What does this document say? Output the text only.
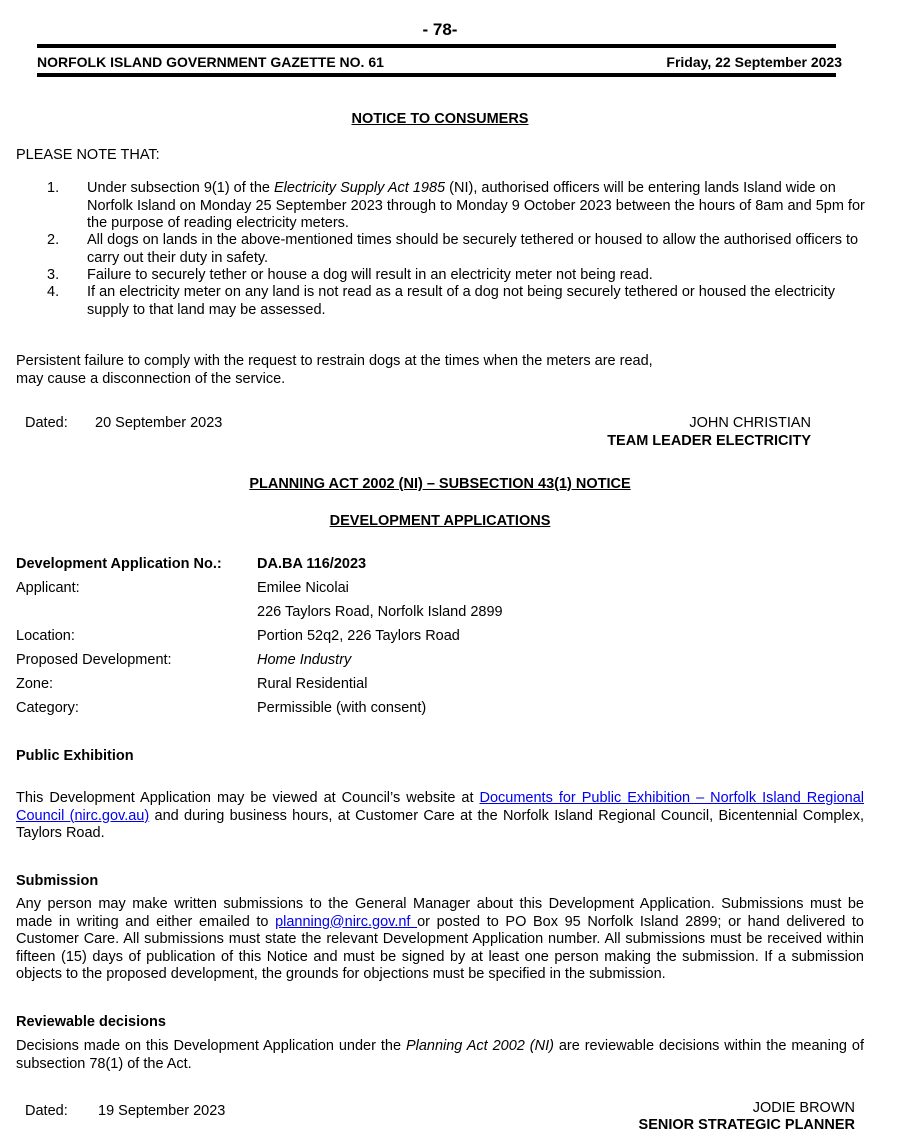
- 78-
NORFOLK ISLAND GOVERNMENT GAZETTE NO. 61	Friday, 22 September 2023
NOTICE TO CONSUMERS
PLEASE NOTE THAT:
1. Under subsection 9(1) of the Electricity Supply Act 1985 (NI), authorised officers will be entering lands Island wide on Norfolk Island on Monday 25 September 2023 through to Monday 9 October 2023 between the hours of 8am and 5pm for the purpose of reading electricity meters.
2. All dogs on lands in the above-mentioned times should be securely tethered or housed to allow the authorised officers to carry out their duty in safety.
3. Failure to securely tether or house a dog will result in an electricity meter not being read.
4. If an electricity meter on any land is not read as a result of a dog not being securely tethered or housed the electricity supply to that land may be assessed.
Persistent failure to comply with the request to restrain dogs at the times when the meters are read,
may cause a disconnection of the service.
Dated: 20 September 2023	JOHN CHRISTIAN
TEAM LEADER ELECTRICITY
PLANNING ACT 2002 (NI) – SUBSECTION 43(1) NOTICE
DEVELOPMENT APPLICATIONS
Development Application No.: DA.BA 116/2023
Applicant:	Emilee Nicolai
226 Taylors Road, Norfolk Island 2899
Location:	Portion 52q2, 226 Taylors Road
Proposed Development:	Home Industry
Zone:	Rural Residential
Category:	Permissible (with consent)
Public Exhibition
This Development Application may be viewed at Council’s website at Documents for Public Exhibition – Norfolk Island Regional Council (nirc.gov.au) and during business hours, at Customer Care at the Norfolk Island Regional Council, Bicentennial Complex, Taylors Road.
Submission
Any person may make written submissions to the General Manager about this Development Application. Submissions must be made in writing and either emailed to planning@nirc.gov.nf or posted to PO Box 95 Norfolk Island 2899; or hand delivered to Customer Care. All submissions must state the relevant Development Application number. All submissions must be received within fifteen (15) days of publication of this Notice and must be signed by at least one person making the submission. If a submission objects to the proposed development, the grounds for objections must be specified in the submission.
Reviewable decisions
Decisions made on this Development Application under the Planning Act 2002 (NI) are reviewable decisions within the meaning of subsection 78(1) of the Act.
Dated: 19 September 2023	JODIE BROWN
SENIOR STRATEGIC PLANNER
